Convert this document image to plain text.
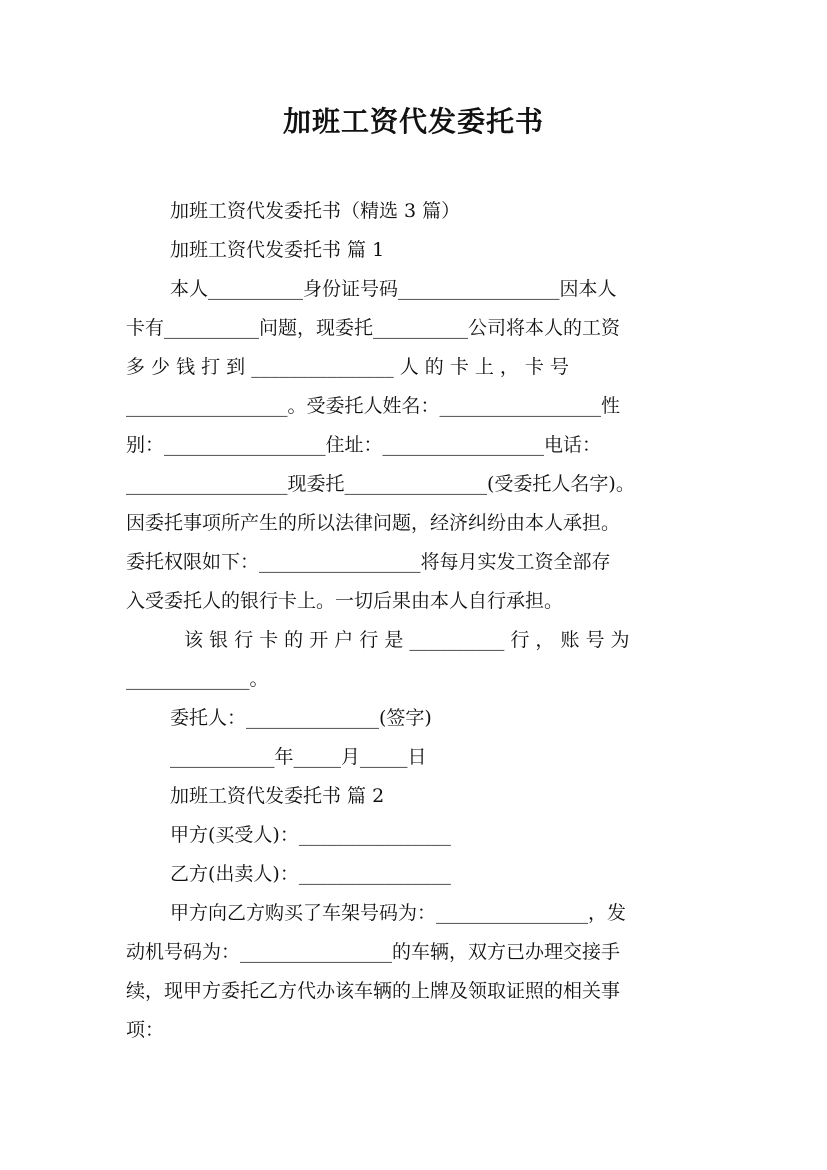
加班工资代发委托书
加班工资代发委托书（精选 3 篇）
加班工资代发委托书 篇 1
本人__________身份证号码_________________因本人
卡有__________问题，现委托__________公司将本人的工资
多 少 钱 打 到 _______________ 人 的 卡 上 ， 卡 号
_________________。受委托人姓名：_________________性
别：_________________住址：_________________电话：
_________________现委托_______________(受委托人名字)。
因委托事项所产生的所以法律问题，经济纠纷由本人承担。
委托权限如下：_________________将每月实发工资全部存
入受委托人的银行卡上。一切后果由本人自行承担。
该 银 行 卡 的 开 户 行 是 __________ 行 ， 账 号 为
_____________。
委托人：______________(签字)
___________年_____月_____日
加班工资代发委托书 篇 2
甲方(买受人)：________________
乙方(出卖人)：________________
甲方向乙方购买了车架号码为：________________，发
动机号码为：________________的车辆，双方已办理交接手
续，现甲方委托乙方代办该车辆的上牌及领取证照的相关事
项：
